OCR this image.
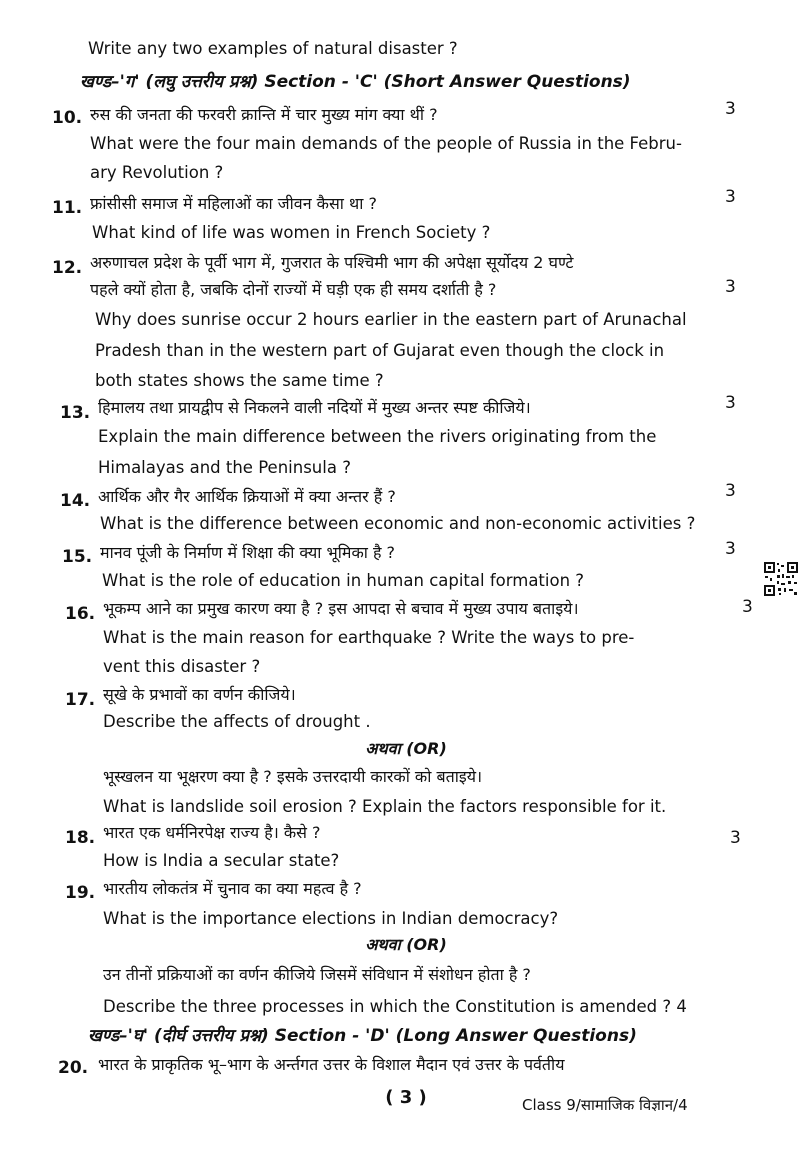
Write any two examples of natural disaster ?
खण्ड–'ग' (लघु उत्तरीय प्रश्न) Section - 'C' (Short Answer Questions)
10. रुस की जनता की फरवरी क्रान्ति में चार मुख्य मांग क्या थीं ?	3
What were the four main demands of the people of Russia in the Febru-
ary Revolution ?
11. फ्रांसीसी समाज में महिलाओं का जीवन कैसा था ?	3
What kind of life was women in French Society ?
12. अरुणाचल प्रदेश के पूर्वी भाग में, गुजरात के पश्चिमी भाग की अपेक्षा सूर्योदय 2 घण्टे
पहले क्यों होता है, जबकि दोनों राज्यों में घड़ी एक ही समय दर्शाती है ?	3
Why does sunrise occur 2 hours earlier in the eastern part of Arunachal
Pradesh than in the western part of Gujarat even though the clock in
both states shows the same time ?
13. हिमालय तथा प्रायद्वीप से निकलने वाली नदियों में मुख्य अन्तर स्पष्ट कीजिये।	3
Explain the main difference between the rivers originating from the
Himalayas and the Peninsula ?
14. आर्थिक और गैर आर्थिक क्रियाओं में क्या अन्तर हैं ?	3
What is the difference between economic and non-economic activities ?
15. मानव पूंजी के निर्माण में शिक्षा की क्या भूमिका है ?	3
What is the role of education in human capital formation ?
16. भूकम्प आने का प्रमुख कारण क्या है ? इस आपदा से बचाव में मुख्य उपाय बताइये।	3
What is the main reason for earthquake ? Write the ways to pre-
vent this disaster ?
17. सूखे के प्रभावों का वर्णन कीजिये।
Describe the affects of drought .
अथवा (OR)
भूस्खलन या भूक्षरण क्या है ? इसके उत्तरदायी कारकों को बताइये।
What is landslide soil erosion ? Explain the factors responsible for it.
18. भारत एक धर्मनिरपेक्ष राज्य है। कैसे ?	3
How is India a secular state?
19. भारतीय लोकतंत्र में चुनाव का क्या महत्व है ?
What is the importance elections in Indian democracy?
अथवा (OR)
उन तीनों प्रक्रियाओं का वर्णन कीजिये जिसमें संविधान में संशोधन होता है ?
Describe the three processes in which the Constitution is amended ? 4
खण्ड–'घ' (दीर्घ उत्तरीय प्रश्न) Section - 'D' (Long Answer Questions)
20. भारत के प्राकृतिक भू–भाग के अर्न्तगत उत्तर के विशाल मैदान एवं उत्तर के पर्वतीय
( 3 )	Class 9/सामाजिक विज्ञान/4
